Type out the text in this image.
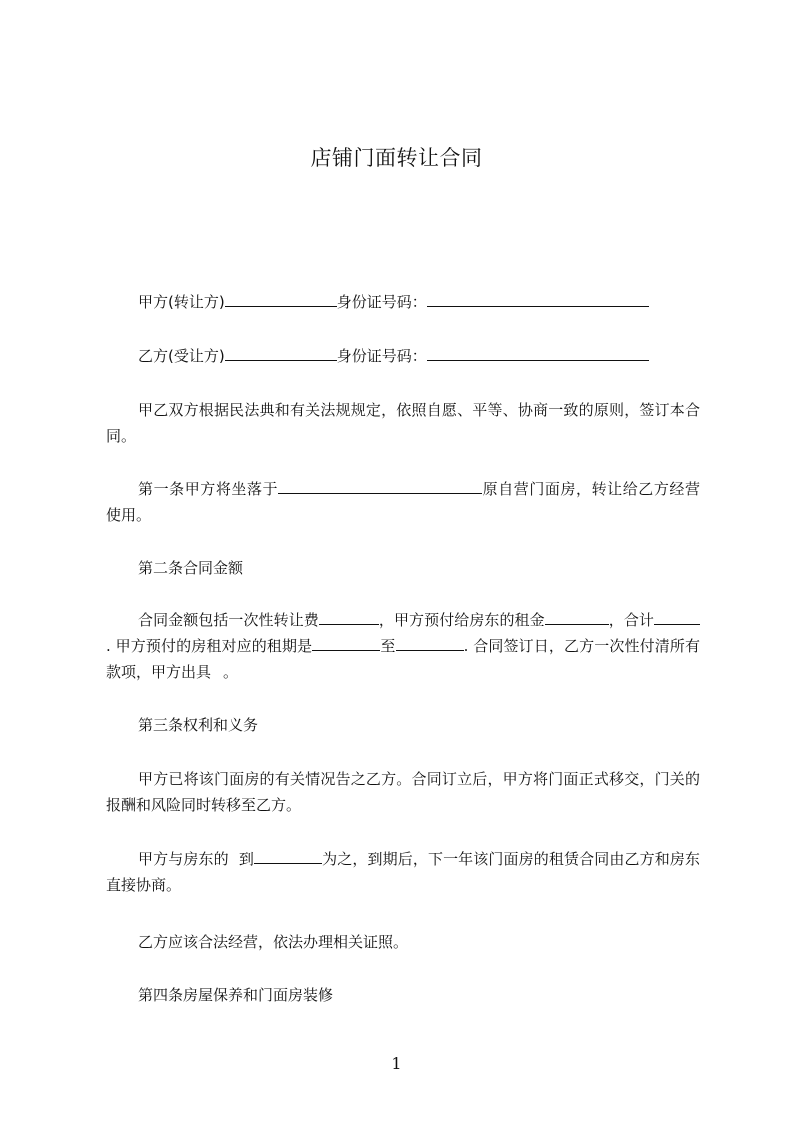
店铺门面转让合同
甲方(转让方)	身份证号码：
乙方(受让方)	身份证号码：
甲乙双方根据民法典和有关法规规定，依照自愿、平等、协商一致的原则，签订本合同。
第一条甲方将坐落于	原自营门面房，转让给乙方经营使用。
第二条合同金额
合同金额包括一次性转让费	，甲方预付给房东的租金	，合计. 甲方预付的房租对应的租期是	至	. 合同签订日，乙方一次性付清所有款项，甲方出具 。
第三条权利和义务
甲方已将该门面房的有关情况告之乙方。合同订立后，甲方将门面正式移交，门关的报酬和风险同时转移至乙方。
甲方与房东的 到	为之，到期后，下一年该门面房的租赁合同由乙方和房东直接协商。
乙方应该合法经营，依法办理相关证照。
第四条房屋保养和门面房装修
1
